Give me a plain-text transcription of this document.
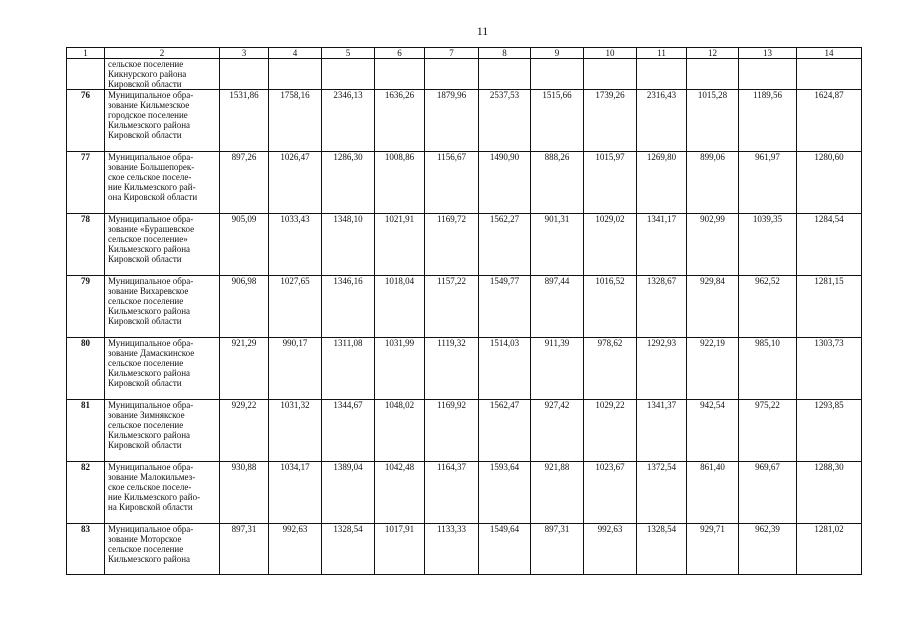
11
1	2	3	4	5	6	7	8	9	10	11	12	13	14
	сельское поселение
Кикнурского района
Кировской области												
76	Муниципальное обра-
зование Кильмезское
городское поселение
Кильмезского района
Кировской области	1531,86	1758,16	2346,13	1636,26	1879,96	2537,53	1515,66	1739,26	2316,43	1015,28	1189,56	1624,87
77	Муниципальное обра-
зование Большепорек-
ское сельское поселе-
ние Кильмезского рай-
она Кировской области	897,26	1026,47	1286,30	1008,86	1156,67	1490,90	888,26	1015,97	1269,80	899,06	961,97	1280,60
78	Муниципальное обра-
зование «Бурашевское
сельское поселение»
Кильмезского района
Кировской области	905,09	1033,43	1348,10	1021,91	1169,72	1562,27	901,31	1029,02	1341,17	902,99	1039,35	1284,54
79	Муниципальное обра-
зование Вихаревское
сельское поселение
Кильмезского района
Кировской области	906,98	1027,65	1346,16	1018,04	1157,22	1549,77	897,44	1016,52	1328,67	929,84	962,52	1281,15
80	Муниципальное обра-
зование Дамаскинское
сельское поселение
Кильмезского района
Кировской области	921,29	990,17	1311,08	1031,99	1119,32	1514,03	911,39	978,62	1292,93	922,19	985,10	1303,73
81	Муниципальное обра-
зование Зимнякское
сельское поселение
Кильмезского района
Кировской области	929,22	1031,32	1344,67	1048,02	1169,92	1562,47	927,42	1029,22	1341,37	942,54	975,22	1293,85
82	Муниципальное обра-
зование Малокильмез-
ское сельское поселе-
ние Кильмезского райо-
на Кировской области	930,88	1034,17	1389,04	1042,48	1164,37	1593,64	921,88	1023,67	1372,54	861,40	969,67	1288,30
83	Муниципальное обра-
зование Моторское
сельское поселение
Кильмезского района	897,31	992,63	1328,54	1017,91	1133,33	1549,64	897,31	992,63	1328,54	929,71	962,39	1281,02
